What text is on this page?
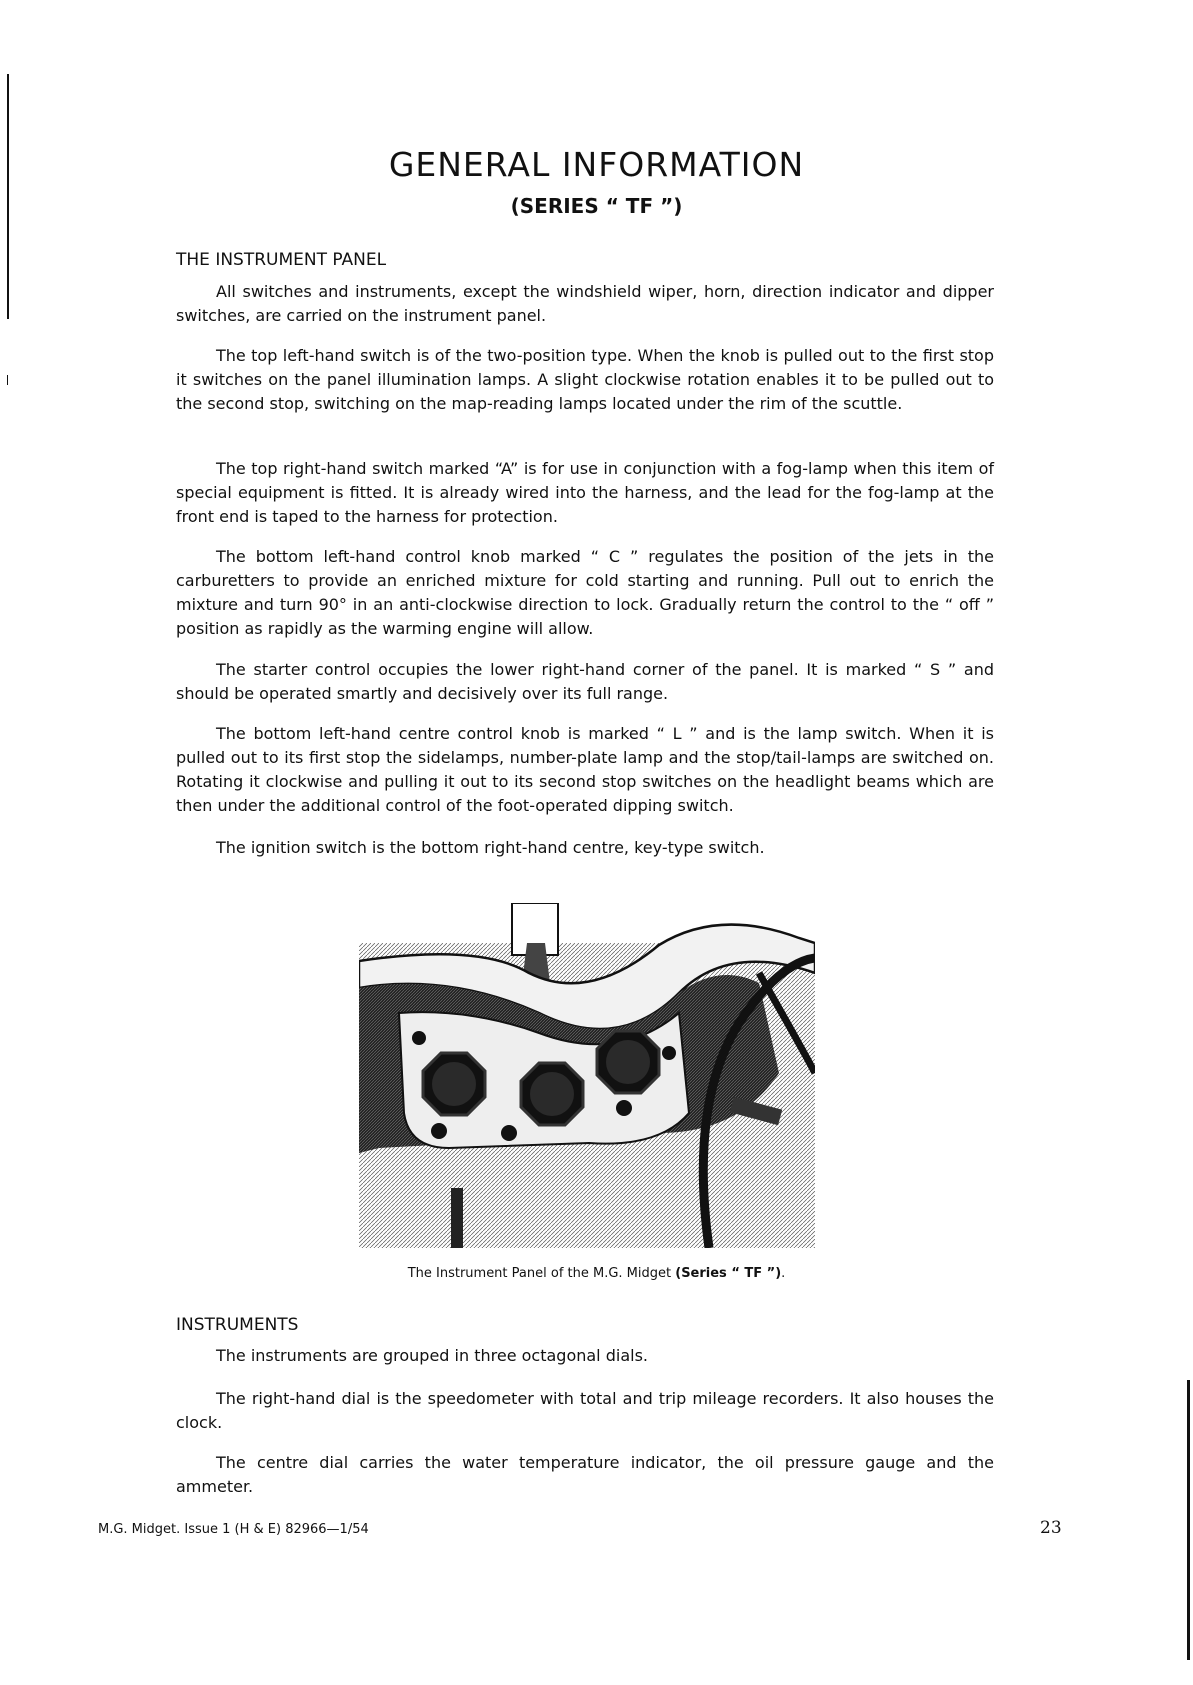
GENERAL INFORMATION
(SERIES “ TF ”)
THE INSTRUMENT PANEL

All switches and instruments, except the windshield wiper, horn, direction indicator and dipper switches, are carried on the instrument panel.

The top left-hand switch is of the two-position type. When the knob is pulled out to the first stop it switches on the panel illumination lamps. A slight clockwise rotation enables it to be pulled out to the second stop, switching on the map-reading lamps located under the rim of the scuttle.

The top right-hand switch marked “A” is for use in conjunction with a fog-lamp when this item of special equipment is fitted. It is already wired into the harness, and the lead for the fog-lamp at the front end is taped to the harness for protection.

The bottom left-hand control knob marked “ C ” regulates the position of the jets in the carburetters to provide an enriched mixture for cold starting and running. Pull out to enrich the mixture and turn 90° in an anti-clockwise direction to lock. Gradually return the control to the “ off ” position as rapidly as the warming engine will allow.

The starter control occupies the lower right-hand corner of the panel. It is marked “ S ” and should be operated smartly and decisively over its full range.

The bottom left-hand centre control knob is marked “ L ” and is the lamp switch. When it is pulled out to its first stop the sidelamps, number-plate lamp and the stop/tail-lamps are switched on. Rotating it clockwise and pulling it out to its second stop switches on the headlight beams which are then under the additional control of the foot-operated dipping switch.

The ignition switch is the bottom right-hand centre, key-type switch.

The Instrument Panel of the M.G. Midget (Series “ TF ”).

INSTRUMENTS

The instruments are grouped in three octagonal dials.

The right-hand dial is the speedometer with total and trip mileage recorders. It also houses the clock.

The centre dial carries the water temperature indicator, the oil pressure gauge and the ammeter.

M.G. Midget. Issue 1 (H & E) 82966—1/54	23
